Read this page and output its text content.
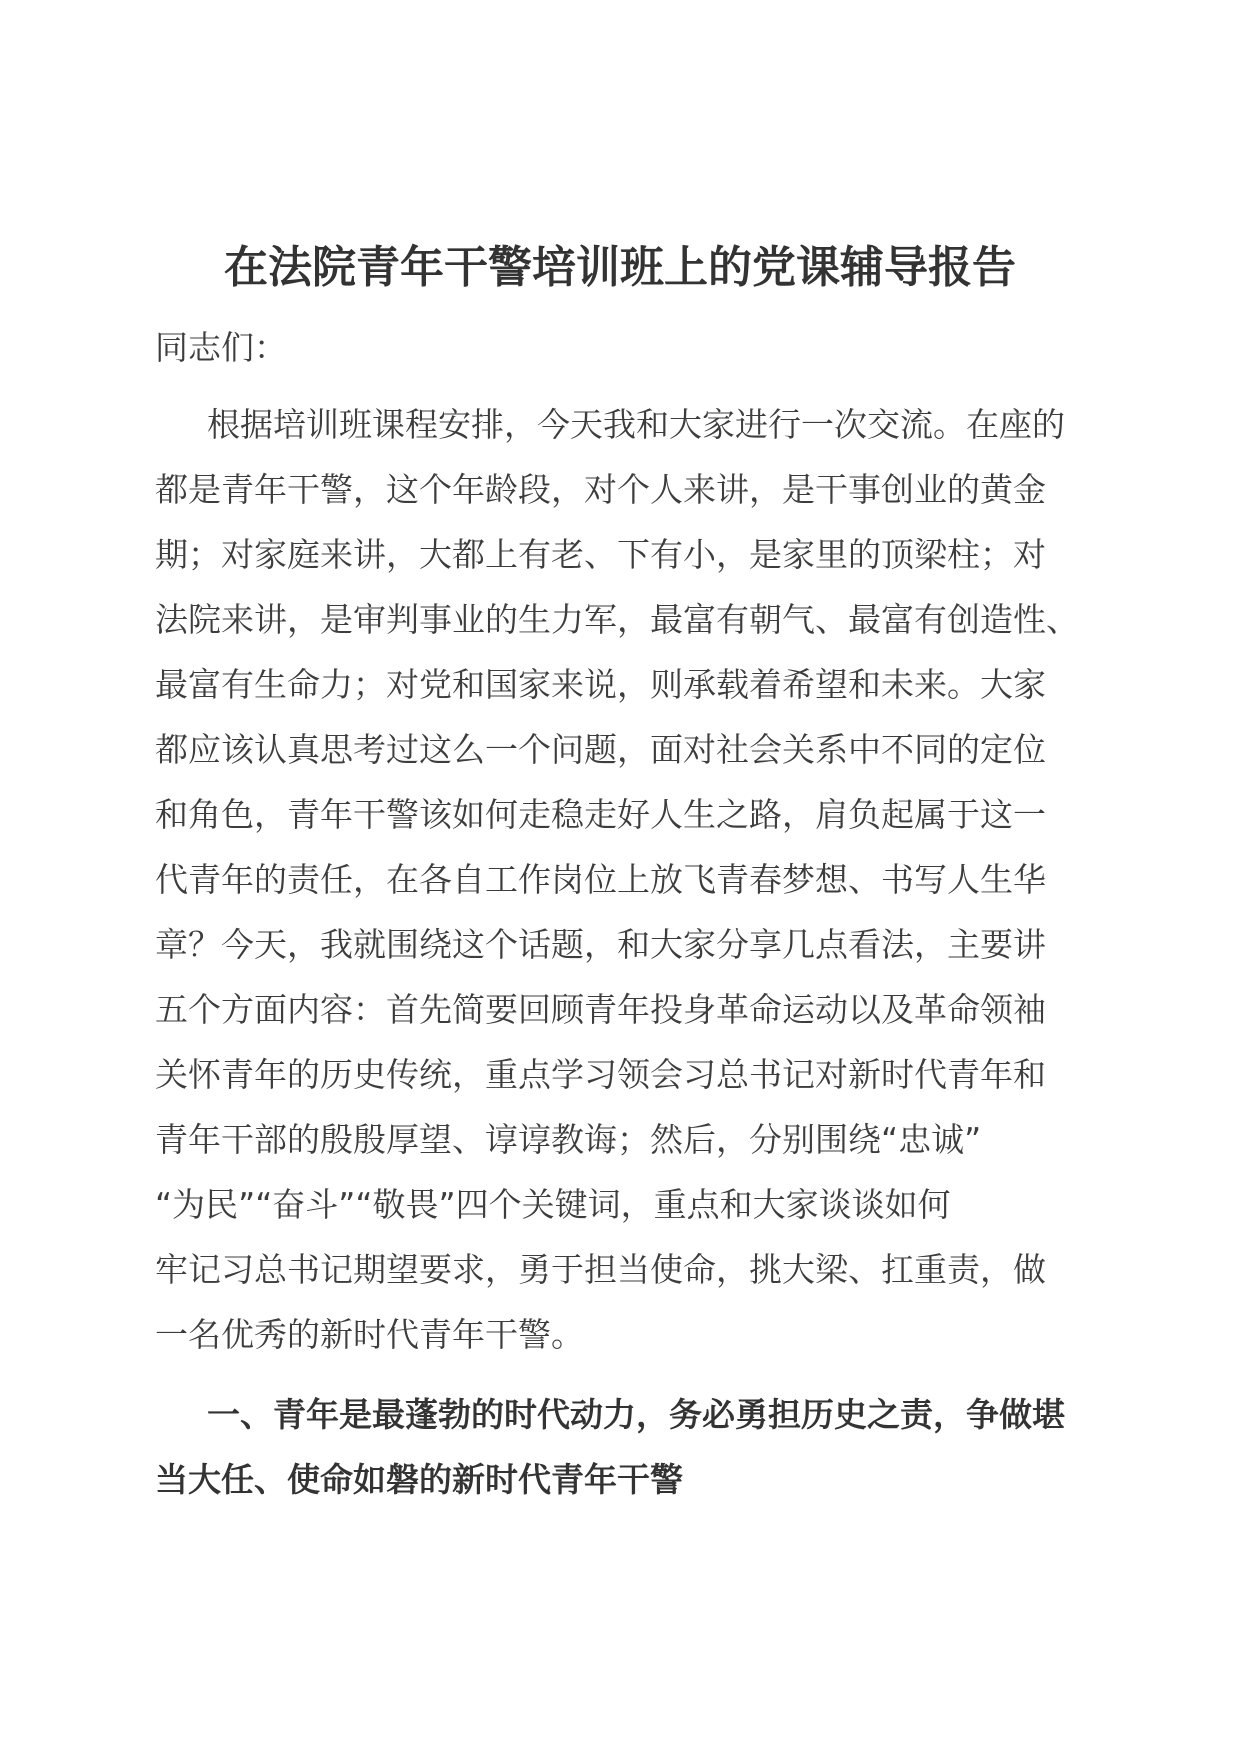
在法院青年干警培训班上的党课辅导报告

同志们：

根据培训班课程安排，今天我和大家进行一次交流。在座的
都是青年干警，这个年龄段，对个人来讲，是干事创业的黄金
期；对家庭来讲，大都上有老、下有小，是家里的顶梁柱；对
法院来讲，是审判事业的生力军，最富有朝气、最富有创造性、
最富有生命力；对党和国家来说，则承载着希望和未来。大家
都应该认真思考过这么一个问题，面对社会关系中不同的定位
和角色，青年干警该如何走稳走好人生之路，肩负起属于这一
代青年的责任，在各自工作岗位上放飞青春梦想、书写人生华
章？今天，我就围绕这个话题，和大家分享几点看法，主要讲
五个方面内容：首先简要回顾青年投身革命运动以及革命领袖
关怀青年的历史传统，重点学习领会习总书记对新时代青年和
青年干部的殷殷厚望、谆谆教诲；然后，分别围绕“忠诚”
“为民”“奋斗”“敬畏”四个关键词，重点和大家谈谈如何
牢记习总书记期望要求，勇于担当使命，挑大梁、扛重责，做
一名优秀的新时代青年干警。
一、青年是最蓬勃的时代动力，务必勇担历史之责，争做堪
当大任、使命如磐的新时代青年干警
